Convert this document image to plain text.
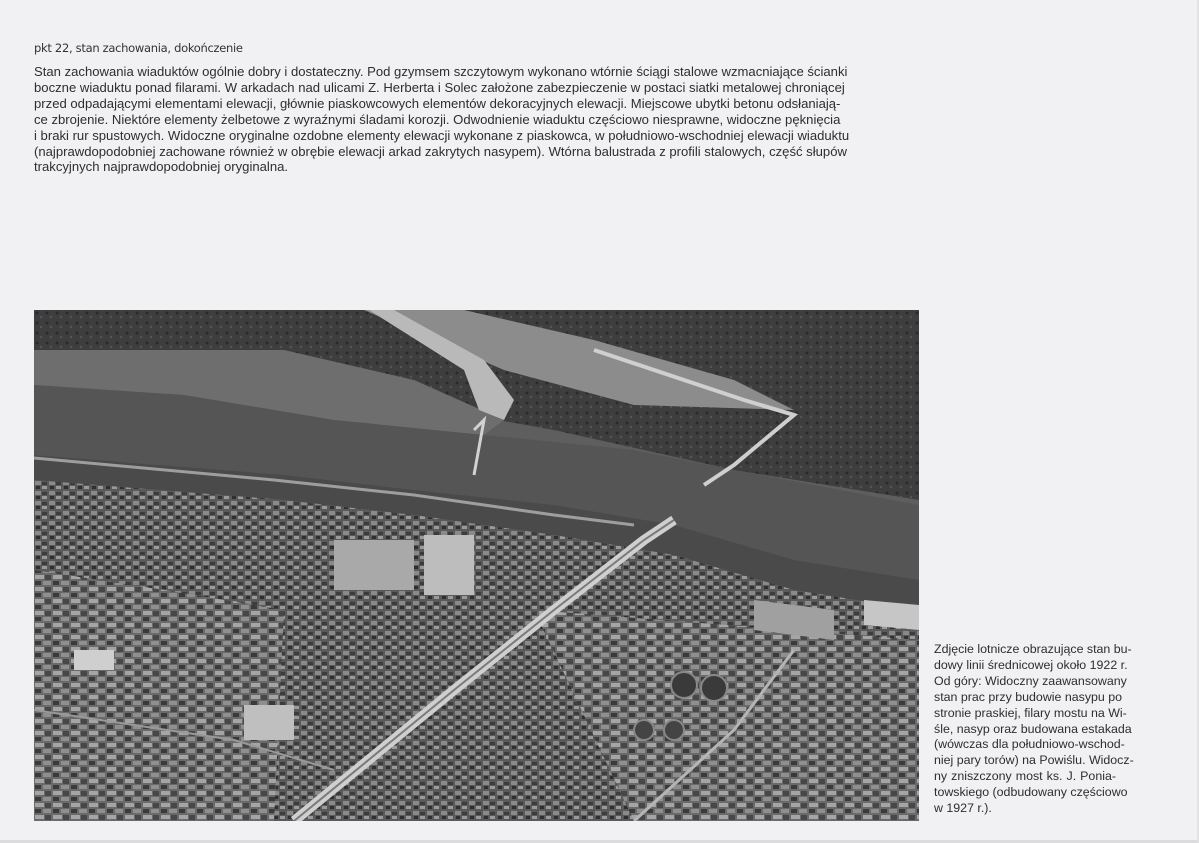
pkt 22, stan zachowania, dokończenie
Stan zachowania wiaduktów ogólnie dobry i dostateczny. Pod gzymsem szczytowym wykonano wtórnie ściągi stalowe wzmacniające ścianki
boczne wiaduktu ponad filarami. W arkadach nad ulicami Z. Herberta i Solec założone zabezpieczenie w postaci siatki metalowej chroniącej
przed odpadającymi elementami elewacji, głównie piaskowcowych elementów dekoracyjnych elewacji. Miejscowe ubytki betonu odsłaniają-
ce zbrojenie. Niektóre elementy żelbetowe z wyraźnymi śladami korozji. Odwodnienie wiaduktu częściowo niesprawne, widoczne pęknięcia
i braki rur spustowych. Widoczne oryginalne ozdobne elementy elewacji wykonane z piaskowca, w południowo-wschodniej elewacji wiaduktu
(najprawdopodobniej zachowane również w obrębie elewacji arkad zakrytych nasypem). Wtórna balustrada z profili stalowych, część słupów
trakcyjnych najprawdopodobniej oryginalna.
Zdjęcie lotnicze obrazujące stan bu-
dowy linii średnicowej około 1922 r.
Od góry: Widoczny zaawansowany
stan prac przy budowie nasypu po
stronie praskiej, filary mostu na Wi-
śle, nasyp oraz budowana estakada
(wówczas dla południowo-wschod-
niej pary torów) na Powiślu. Widocz-
ny zniszczony most ks. J. Ponia-
towskiego (odbudowany częściowo
w 1927 r.).
